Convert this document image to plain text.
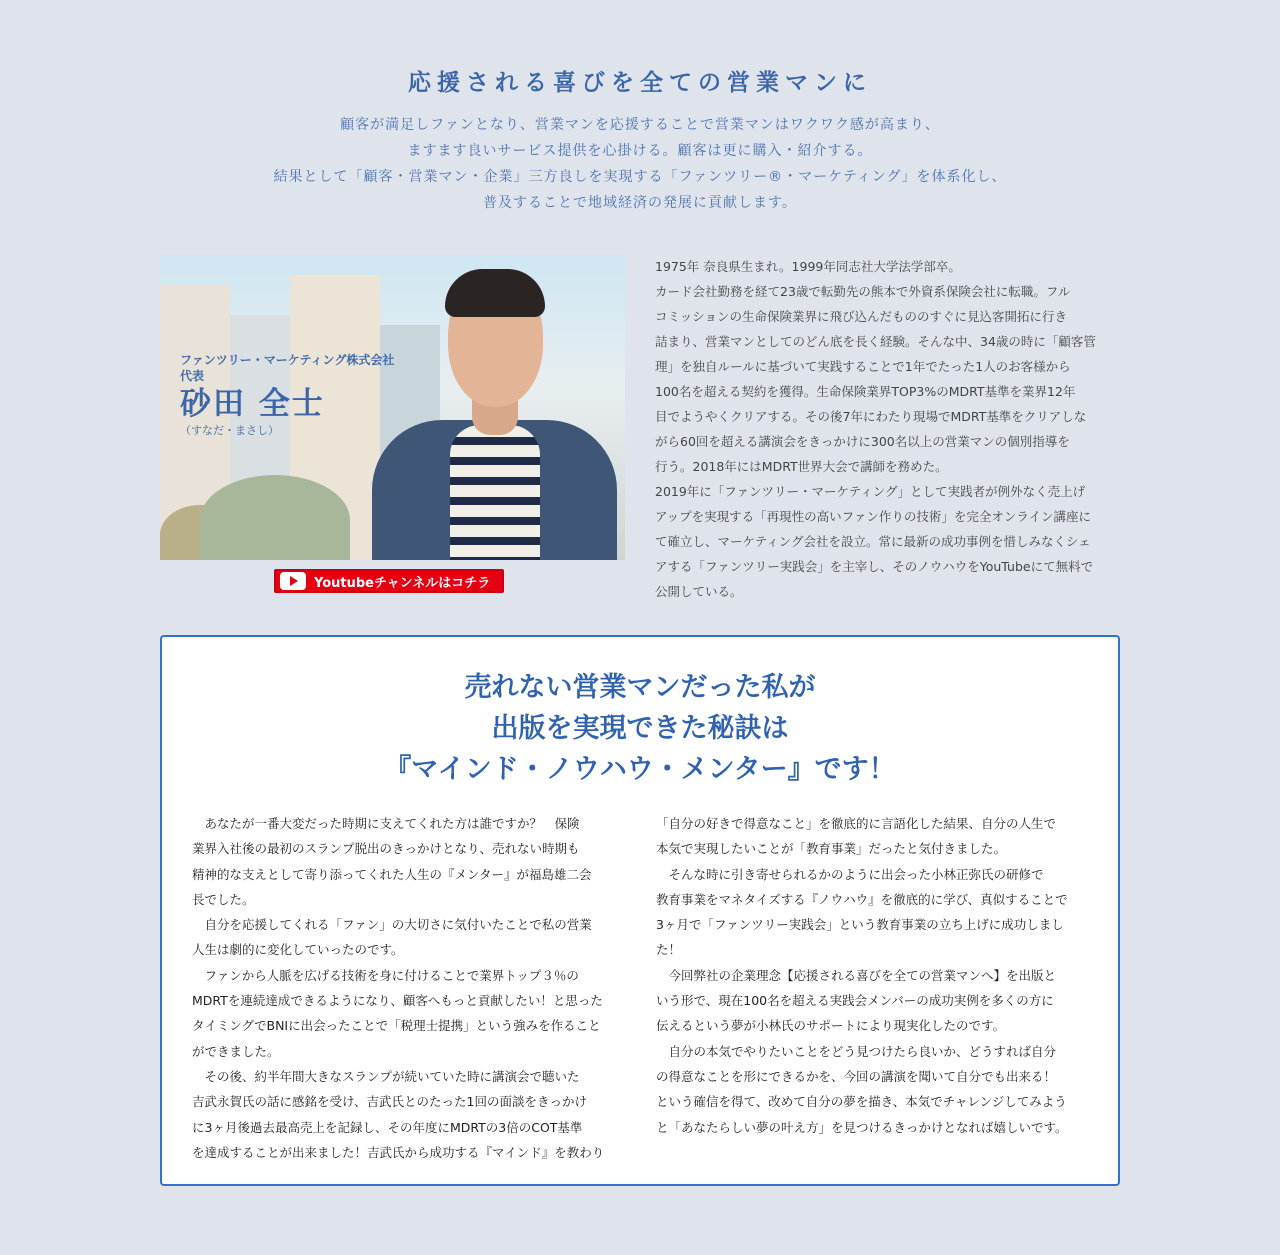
応援される喜びを全ての営業マンに
顧客が満足しファンとなり、営業マンを応援することで営業マンはワクワク感が高まり、
ますます良いサービス提供を心掛ける。顧客は更に購入・紹介する。
結果として「顧客・営業マン・企業」三方良しを実現する「ファンツリー®・マーケティング」を体系化し、
普及することで地域経済の発展に貢献します。
ファンツリー・マーケティング株式会社
代表
砂田 全士
（すなだ・まさし）
Youtubeチャンネルはコチラ
1975年 奈良県生まれ。1999年同志社大学法学部卒。
カード会社勤務を経て23歳で転勤先の熊本で外資系保険会社に転職。フル
コミッションの生命保険業界に飛び込んだもののすぐに見込客開拓に行き
詰まり、営業マンとしてのどん底を長く経験。そんな中、34歳の時に「顧客管
理」を独自ルールに基づいて実践することで1年でたった1人のお客様から
100名を超える契約を獲得。生命保険業界TOP3%のMDRT基準を業界12年
目でようやくクリアする。その後7年にわたり現場でMDRT基準をクリアしな
がら60回を超える講演会をきっかけに300名以上の営業マンの個別指導を
行う。2018年にはMDRT世界大会で講師を務めた。
2019年に「ファンツリー・マーケティング」として実践者が例外なく売上げ
アップを実現する「再現性の高いファン作りの技術」を完全オンライン講座に
て確立し、マーケティング会社を設立。常に最新の成功事例を惜しみなくシェ
アする「ファンツリー実践会」を主宰し、そのノウハウをYouTubeにて無料で
公開している。
売れない営業マンだった私が
出版を実現できた秘訣は
『マインド・ノウハウ・メンター』です！
　あなたが一番大変だった時期に支えてくれた方は誰ですか？　保険
業界入社後の最初のスランプ脱出のきっかけとなり、売れない時期も
精神的な支えとして寄り添ってくれた人生の『メンター』が福島雄二会
長でした。
　自分を応援してくれる「ファン」の大切さに気付いたことで私の営業
人生は劇的に変化していったのです。
　ファンから人脈を広げる技術を身に付けることで業界トップ３％の
MDRTを連続達成できるようになり、顧客へもっと貢献したい！と思った
タイミングでBNIに出会ったことで「税理士提携」という強みを作ること
ができました。
　その後、約半年間大きなスランプが続いていた時に講演会で聴いた
吉武永賀氏の話に感銘を受け、吉武氏とのたった1回の面談をきっかけ
に3ヶ月後過去最高売上を記録し、その年度にMDRTの3倍のCOT基準
を達成することが出来ました！吉武氏から成功する『マインド』を教わり
「自分の好きで得意なこと」を徹底的に言語化した結果、自分の人生で
本気で実現したいことが「教育事業」だったと気付きました。
　そんな時に引き寄せられるかのように出会った小林正弥氏の研修で
教育事業をマネタイズする『ノウハウ』を徹底的に学び、真似することで
3ヶ月で「ファンツリー実践会」という教育事業の立ち上げに成功しまし
た！
　今回弊社の企業理念【応援される喜びを全ての営業マンへ】を出版と
いう形で、現在100名を超える実践会メンバーの成功実例を多くの方に
伝えるという夢が小林氏のサポートにより現実化したのです。
　自分の本気でやりたいことをどう見つけたら良いか、どうすれば自分
の得意なことを形にできるかを、今回の講演を聞いて自分でも出来る！
という確信を得て、改めて自分の夢を描き、本気でチャレンジしてみよう
と「あなたらしい夢の叶え方」を見つけるきっかけとなれば嬉しいです。
